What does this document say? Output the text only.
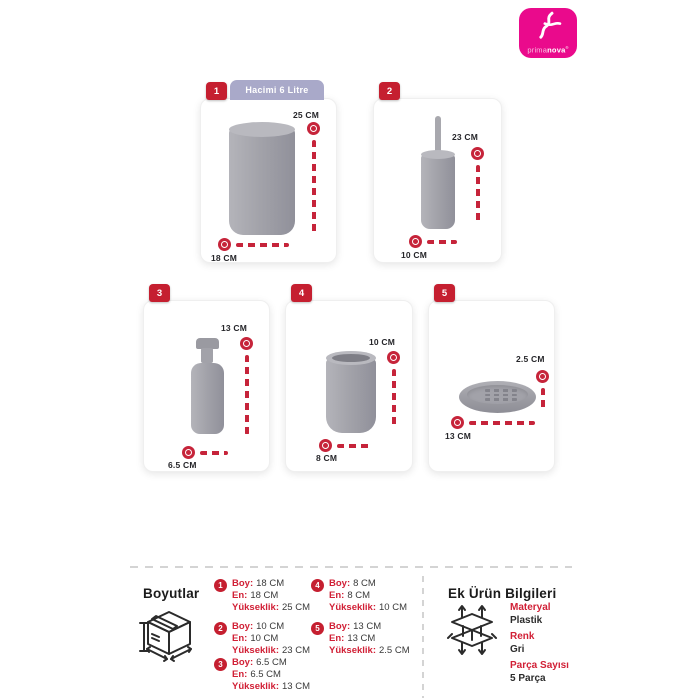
primanova®
Hacimi 6 Litre
1
25 CM
18 CM
2
23 CM
10 CM
3
13 CM
6.5 CM
4
10 CM
8 CM
5
2.5 CM
13 CM
Boyutlar
1 Boy: 18 CM
En: 18 CM
Yükseklik: 25 CM
2 Boy: 10 CM
En: 10 CM
Yükseklik: 23 CM
3 Boy: 6.5 CM
En: 6.5 CM
Yükseklik: 13 CM
4 Boy: 8 CM
En: 8 CM
Yükseklik: 10 CM
5 Boy: 13 CM
En: 13 CM
Yükseklik: 2.5 CM
Ek Ürün Bilgileri
Materyal
Plastik
Renk
Gri
Parça Sayısı
5 Parça
